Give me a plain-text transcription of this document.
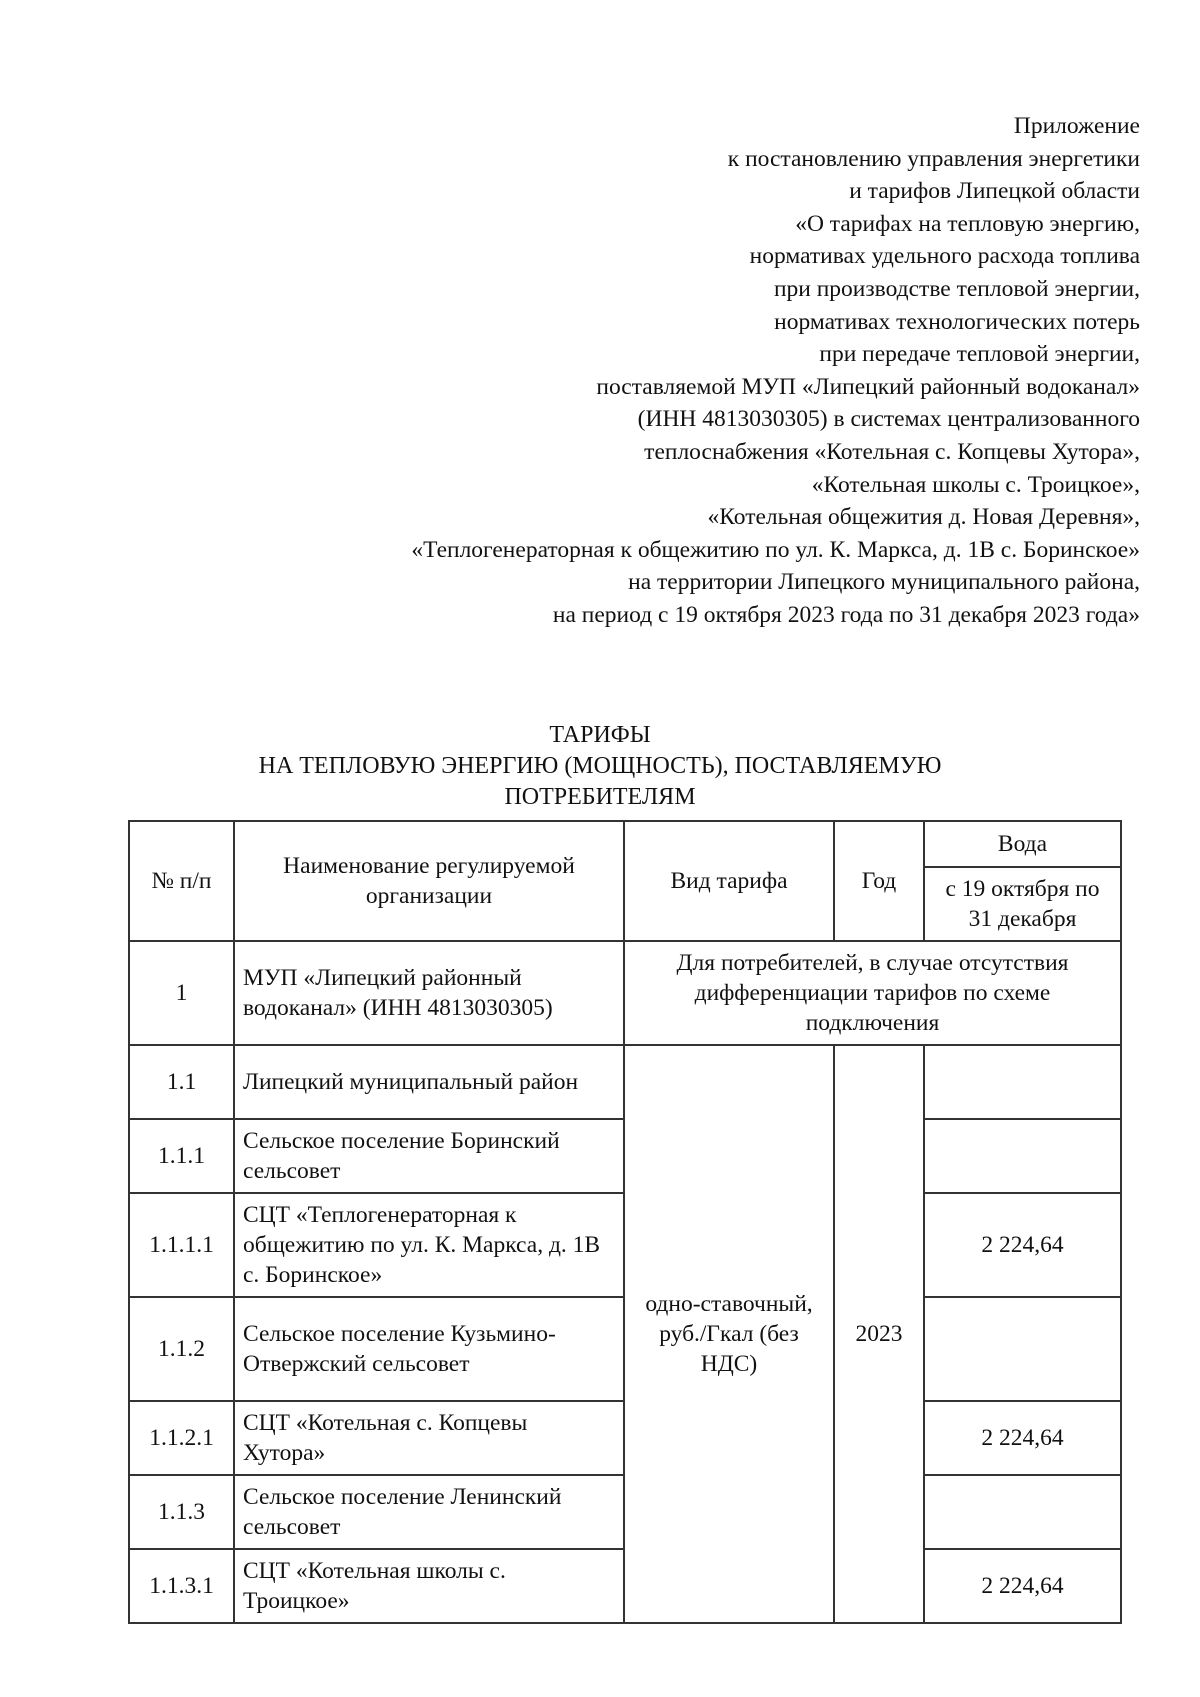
Приложение
к постановлению управления энергетики
и тарифов Липецкой области
«О тарифах на тепловую энергию,
нормативах удельного расхода топлива
при производстве тепловой энергии,
нормативах технологических потерь
при передаче тепловой энергии,
поставляемой МУП «Липецкий районный водоканал»
(ИНН 4813030305) в системах централизованного
теплоснабжения «Котельная с. Копцевы Хутора»,
«Котельная школы с. Троицкое»,
«Котельная общежития д. Новая Деревня»,
«Теплогенераторная к общежитию по ул. К. Маркса, д. 1В с. Боринское»
на территории Липецкого муниципального района,
на период с 19 октября 2023 года по 31 декабря 2023 года»
ТАРИФЫ
НА ТЕПЛОВУЮ ЭНЕРГИЮ (МОЩНОСТЬ), ПОСТАВЛЯЕМУЮ
ПОТРЕБИТЕЛЯМ
№ п/п	Наименование регулируемой организации	Вид тарифа	Год	Вода
				с 19 октября по 31 декабря
1	МУП «Липецкий районный водоканал» (ИНН 4813030305)	Для потребителей, в случае отсутствия дифференциации тарифов по схеме подключения		
1.1	Липецкий муниципальный район	одно-ставочный, руб./Гкал (без НДС)	2023	
1.1.1	Сельское поселение Боринский сельсовет			
1.1.1.1	СЦТ «Теплогенераторная к общежитию по ул. К. Маркса, д. 1В с. Боринское»			2 224,64
1.1.2	Сельское поселение Кузьмино-Отвержский сельсовет			
1.1.2.1	СЦТ «Котельная с. Копцевы Хутора»			2 224,64
1.1.3	Сельское поселение Ленинский сельсовет			
1.1.3.1	СЦТ «Котельная школы с. Троицкое»			2 224,64
